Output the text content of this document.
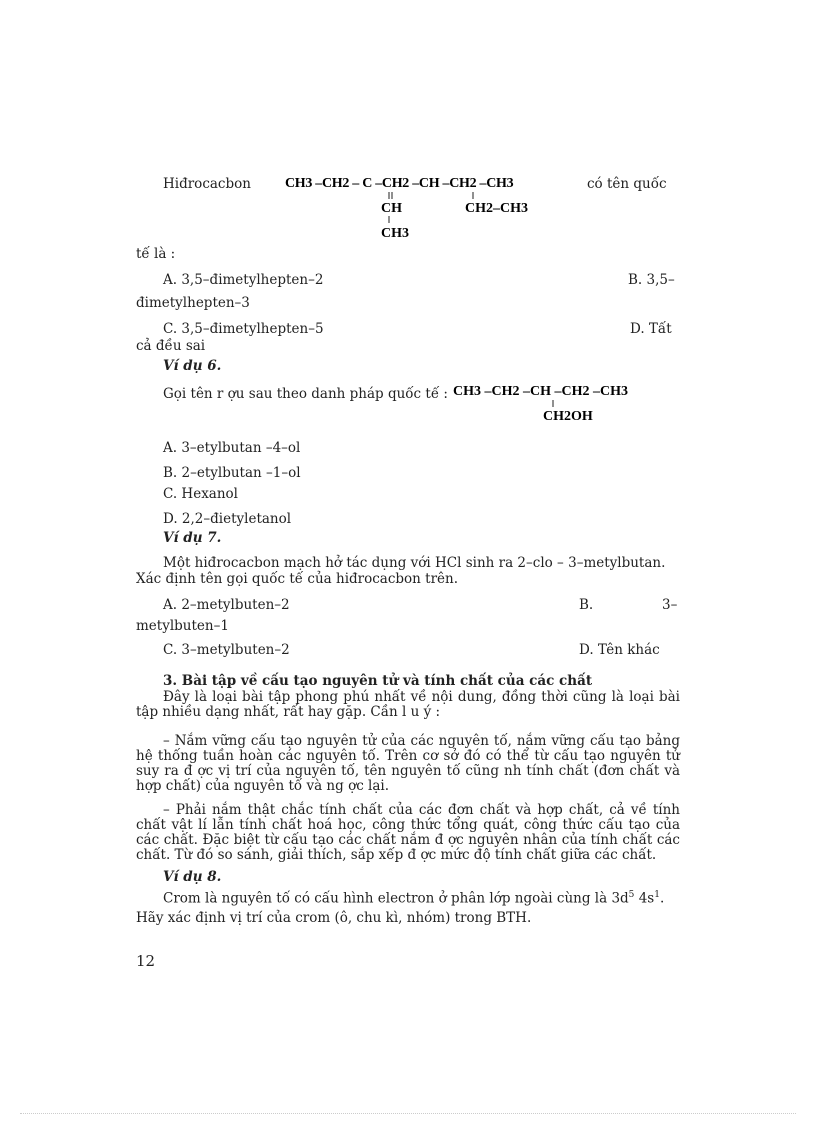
Hiđrocacbon CH3 –CH2 – C –CH2 –CH –CH2 –CH3
CH
CH3
CH2–CH3
có tên quốc
tế là :
A. 3,5–đimetylhepten–2	B. 3,5–
đimetylhepten–3
C. 3,5–đimetylhepten–5	D. Tất
cả đều sai
Ví dụ 6.
Gọi tên r ợu sau theo danh pháp quốc tế : CH3 –CH2 –CH –CH2 –CH3
CH2OH
A. 3–etylbutan –4–ol
B. 2–etylbutan –1–ol
C. Hexanol
D. 2,2–đietyletanol
Ví dụ 7.
Một hiđrocacbon mạch hở tác dụng với HCl sinh ra 2–clo – 3–metylbutan.
Xác định tên gọi quốc tế của hiđrocacbon trên.
A. 2–metylbuten–2	B.	3–
metylbuten–1
C. 3–metylbuten–2	D. Tên khác
3. Bài tập về cấu tạo nguyên tử và tính chất của các chất
Đây là loại bài tập phong phú nhất về nội dung, đồng thời cũng là loại bài tập nhiều dạng nhất, rất hay gặp. Cần l u ý :
– Nắm vững cấu tạo nguyên tử của các nguyên tố, nắm vững cấu tạo bảng hệ thống tuần hoàn các nguyên tố. Trên cơ sở đó có thể từ cấu tạo nguyên tử suy ra đ ợc vị trí của nguyên tố, tên nguyên tố cũng nh tính chất (đơn chất và hợp chất) của nguyên tố và ng ợc lại.
– Phải nắm thật chắc tính chất của các đơn chất và hợp chất, cả về tính chất vật lí lẫn tính chất hoá học, công thức tổng quát, công thức cấu tạo của các chất. Đặc biệt từ cấu tạo các chất nắm đ ợc nguyên nhân của tính chất các chất. Từ đó so sánh, giải thích, sắp xếp đ ợc mức độ tính chất giữa các chất.
Ví dụ 8.
Crom là nguyên tố có cấu hình electron ở phân lớp ngoài cùng là $3d^5$ $4s^1$.
Hãy xác định vị trí của crom (ô, chu kì, nhóm) trong BTH.
12
